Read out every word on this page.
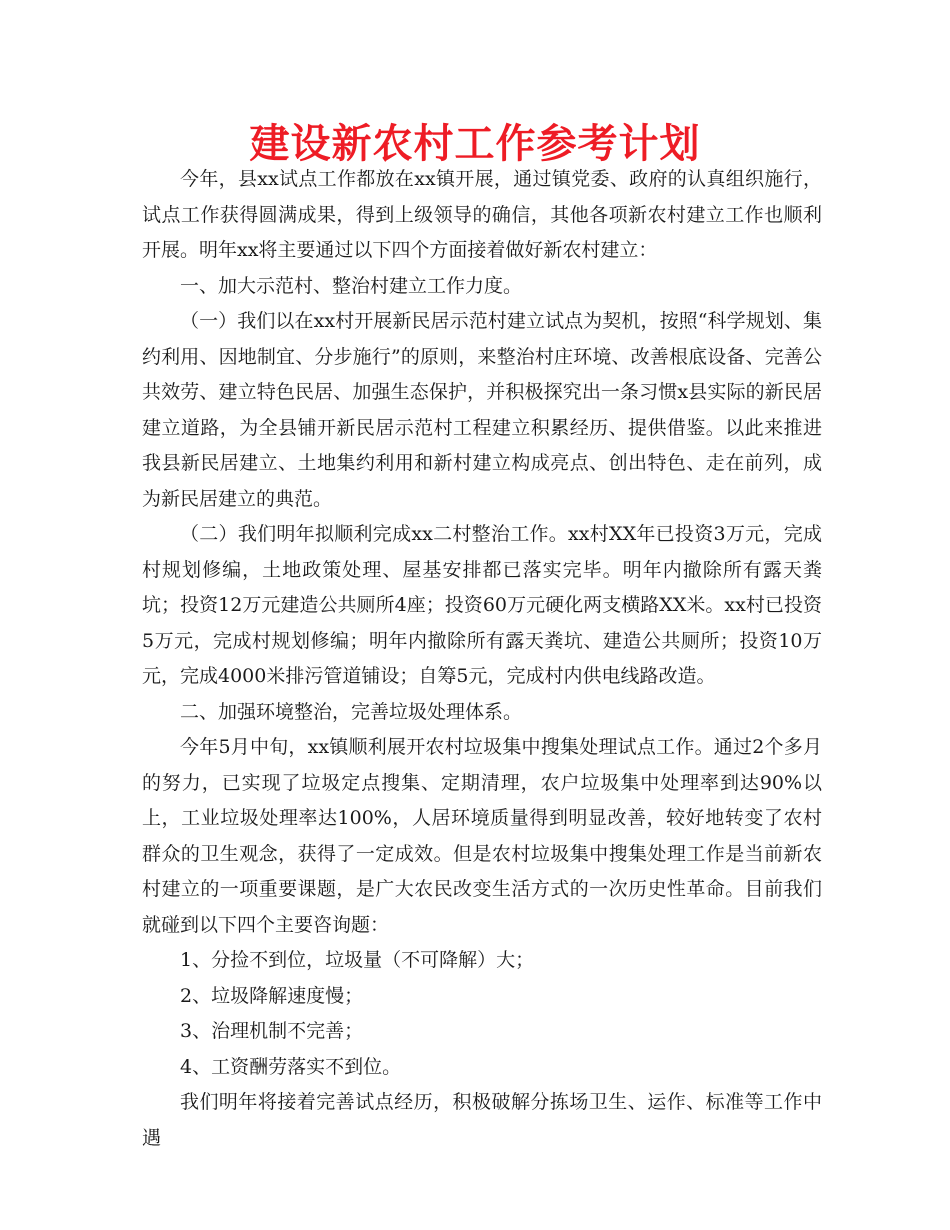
建设新农村工作参考计划

今年，县xx试点工作都放在xx镇开展，通过镇党委、政府的认真组织施行，试点工作获得圆满成果，得到上级领导的确信，其他各项新农村建立工作也顺利开展。明年xx将主要通过以下四个方面接着做好新农村建立：

一、加大示范村、整治村建立工作力度。

（一）我们以在xx村开展新民居示范村建立试点为契机，按照“科学规划、集约利用、因地制宜、分步施行”的原则，来整治村庄环境、改善根底设备、完善公共效劳、建立特色民居、加强生态保护，并积极探究出一条习惯x县实际的新民居建立道路，为全县铺开新民居示范村工程建立积累经历、提供借鉴。以此来推进我县新民居建立、土地集约利用和新村建立构成亮点、创出特色、走在前列，成为新民居建立的典范。

（二）我们明年拟顺利完成xx二村整治工作。xx村XX年已投资3万元，完成村规划修编，土地政策处理、屋基安排都已落实完毕。明年内撤除所有露天粪坑；投资12万元建造公共厕所4座；投资60万元硬化两支横路XX米。xx村已投资5万元，完成村规划修编；明年内撤除所有露天粪坑、建造公共厕所；投资10万元，完成4000米排污管道铺设；自筹5元，完成村内供电线路改造。

二、加强环境整治，完善垃圾处理体系。

今年5月中旬，xx镇顺利展开农村垃圾集中搜集处理试点工作。通过2个多月的努力，已实现了垃圾定点搜集、定期清理，农户垃圾集中处理率到达90%以上，工业垃圾处理率达100%，人居环境质量得到明显改善，较好地转变了农村群众的卫生观念，获得了一定成效。但是农村垃圾集中搜集处理工作是当前新农村建立的一项重要课题，是广大农民改变生活方式的一次历史性革命。目前我们就碰到以下四个主要咨询题：

1、分捡不到位，垃圾量（不可降解）大；

2、垃圾降解速度慢；

3、治理机制不完善；

4、工资酬劳落实不到位。

我们明年将接着完善试点经历，积极破解分拣场卫生、运作、标准等工作中遇
